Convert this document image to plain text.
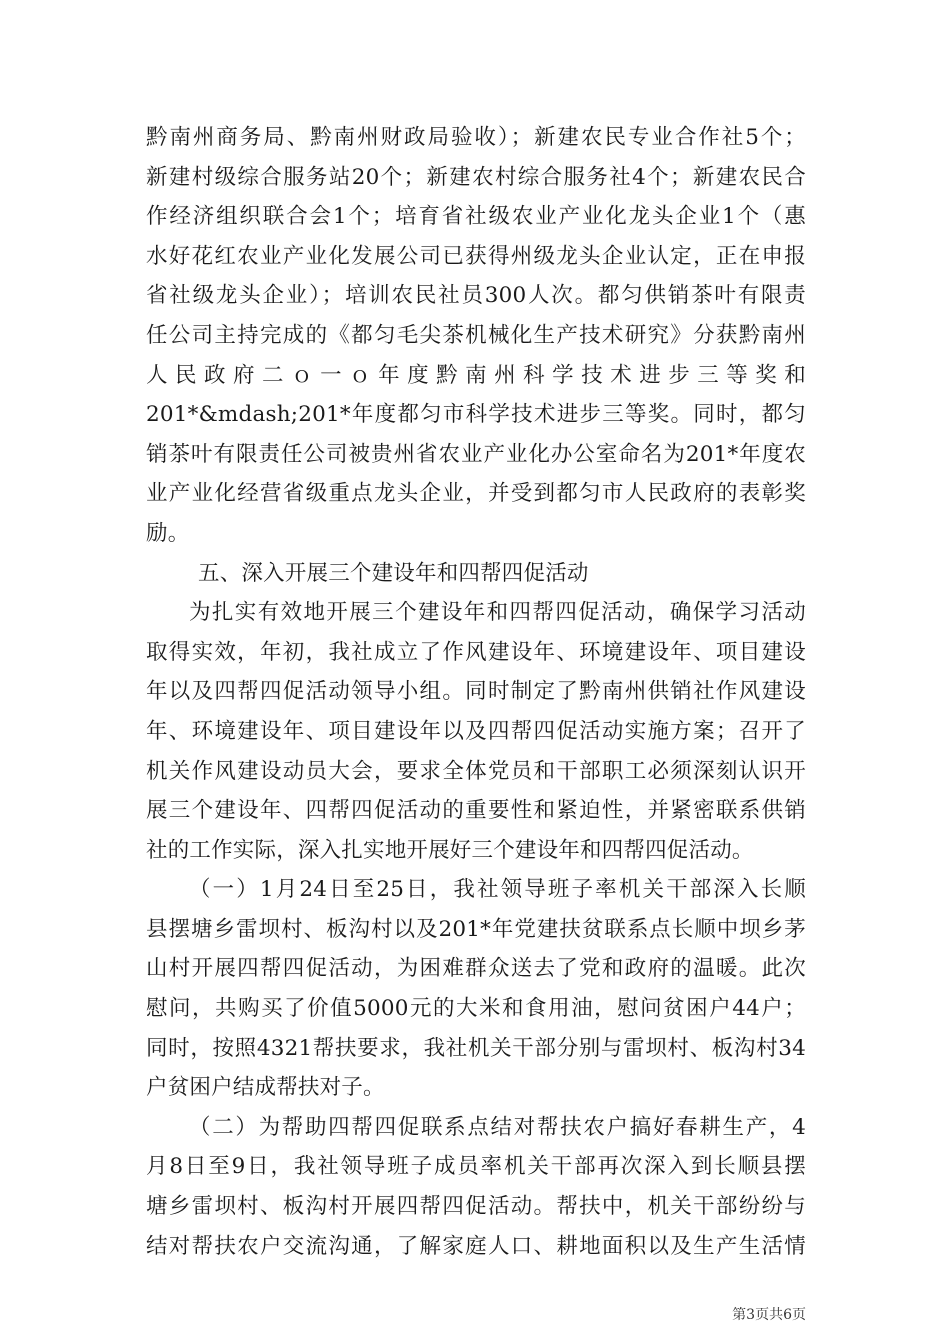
黔南州商务局、黔南州财政局验收）；新建农民专业合作社5个；
新建村级综合服务站20个；新建农村综合服务社4个；新建农民合
作经济组织联合会1个；培育省社级农业产业化龙头企业1个（惠
水好花红农业产业化发展公司已获得州级龙头企业认定，正在申报
省社级龙头企业）；培训农民社员300人次。都匀供销茶叶有限责
任公司主持完成的《都匀毛尖茶机械化生产技术研究》分获黔南州
人民政府二ｏ一ｏ年度黔南州科学技术进步三等奖和
201*&mdash;201*年度都匀市科学技术进步三等奖。同时，都匀
销茶叶有限责任公司被贵州省农业产业化办公室命名为201*年度农
业产业化经营省级重点龙头企业，并受到都匀市人民政府的表彰奖
励。
五、深入开展三个建设年和四帮四促活动
为扎实有效地开展三个建设年和四帮四促活动，确保学习活动
取得实效，年初，我社成立了作风建设年、环境建设年、项目建设
年以及四帮四促活动领导小组。同时制定了黔南州供销社作风建设
年、环境建设年、项目建设年以及四帮四促活动实施方案；召开了
机关作风建设动员大会，要求全体党员和干部职工必须深刻认识开
展三个建设年、四帮四促活动的重要性和紧迫性，并紧密联系供销
社的工作实际，深入扎实地开展好三个建设年和四帮四促活动。
（一）1月24日至25日，我社领导班子率机关干部深入长顺
县摆塘乡雷坝村、板沟村以及201*年党建扶贫联系点长顺中坝乡茅
山村开展四帮四促活动，为困难群众送去了党和政府的温暖。此次
慰问，共购买了价值5000元的大米和食用油，慰问贫困户44户；
同时，按照4321帮扶要求，我社机关干部分别与雷坝村、板沟村34
户贫困户结成帮扶对子。
（二）为帮助四帮四促联系点结对帮扶农户搞好春耕生产，4
月8日至9日，我社领导班子成员率机关干部再次深入到长顺县摆
塘乡雷坝村、板沟村开展四帮四促活动。帮扶中，机关干部纷纷与
结对帮扶农户交流沟通，了解家庭人口、耕地面积以及生产生活情
第3页共6页
